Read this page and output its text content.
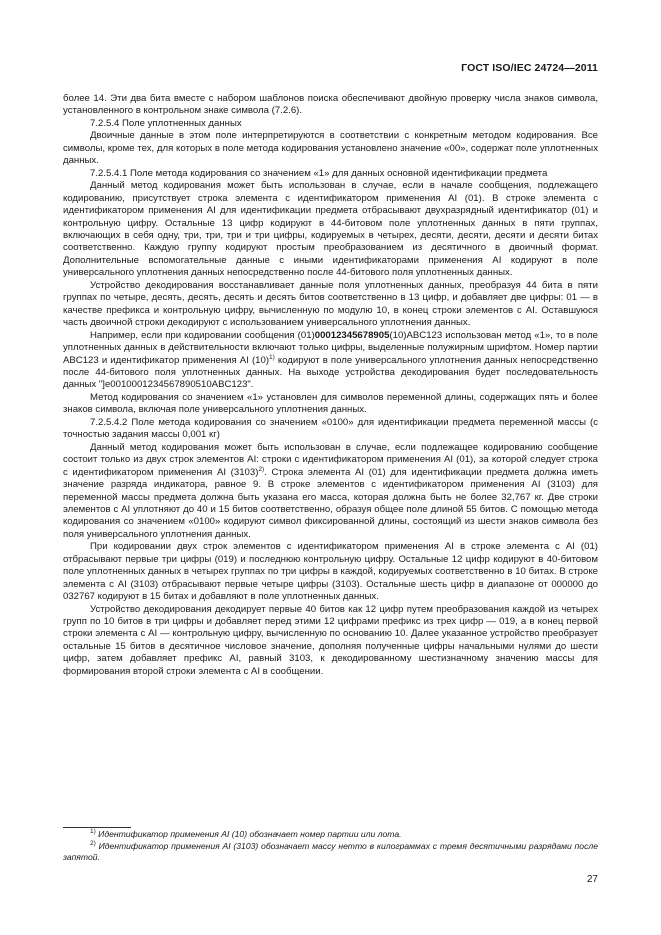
ГОСТ ISO/IEC 24724—2011

более 14. Эти два бита вместе с набором шаблонов поиска обеспечивают двойную проверку числа знаков символа, установленного в контрольном знаке символа (7.2.6).

7.2.5.4 Поле уплотненных данных

Двоичные данные в этом поле интерпретируются в соответствии с конкретным методом кодирования. Все символы, кроме тех, для которых в поле метода кодирования установлено значение «00», содержат поле уплотненных данных.

7.2.5.4.1 Поле метода кодирования со значением «1» для данных основной идентификации предмета

Данный метод кодирования может быть использован в случае, если в начале сообщения, подлежащего кодированию, присутствует строка элемента с идентификатором применения AI (01). В строке элемента с идентификатором применения AI для идентификации предмета отбрасывают двухразрядный идентификатор (01) и контрольную цифру. Остальные 13 цифр кодируют в 44-битовом поле уплотненных данных в пяти группах, включающих в себя одну, три, три, три и три цифры, кодируемых в четырех, десяти, десяти, десяти и десяти битах соответственно. Каждую группу кодируют простым преобразованием из десятичного в двоичный формат. Дополнительные вспомогательные данные с иными идентификаторами применения AI кодируют в поле универсального уплотнения данных непосредственно после 44-битового поля уплотненных данных.

Устройство декодирования восстанавливает данные поля уплотненных данных, преобразуя 44 бита в пяти группах по четыре, десять, десять, десять и десять битов соответственно в 13 цифр, и добавляет две цифры: 01 — в качестве префикса и контрольную цифру, вычисленную по модулю 10, в конец строки элементов с AI. Оставшуюся часть двоичной строки декодируют с использованием универсального уплотнения данных.

Например, если при кодировании сообщения (01)00012345678905(10)ABC123 использован метод «1», то в поле уплотненных данных в действительности включают только цифры, выделенные полужирным шрифтом. Номер партии ABC123 и идентификатор применения AI $(10)^{1)}$ кодируют в поле универсального уплотнения данных непосредственно после 44-битового поля уплотненных данных. На выходе устройства декодирования будет последовательность данных "]e0010001234567890510ABC123".

Метод кодирования со значением «1» установлен для символов переменной длины, содержащих пять и более знаков символа, включая поле универсального уплотнения данных.

7.2.5.4.2 Поле метода кодирования со значением «0100» для идентификации предмета переменной массы (с точностью задания массы 0,001 кг)

Данный метод кодирования может быть использован в случае, если подлежащее кодированию сообщение состоит только из двух строк элементов AI: строки с идентификатором применения AI (01), за которой следует строка с идентификатором применения AI $(3103)^{2)}$. Строка элемента AI (01) для идентификации предмета должна иметь значение разряда индикатора, равное 9. В строке элементов с идентификатором применения AI (3103) для переменной массы предмета должна быть указана его масса, которая должна быть не более 32,767 кг. Две строки элементов с AI уплотняют до 40 и 15 битов соответственно, образуя общее поле длиной 55 битов. С помощью метода кодирования со значением «0100» кодируют символ фиксированной длины, состоящий из шести знаков символа без поля универсального уплотнения данных.

При кодировании двух строк элементов с идентификатором применения AI в строке элемента с AI (01) отбрасывают первые три цифры (019) и последнюю контрольную цифру. Остальные 12 цифр кодируют в 40-битовом поле уплотненных данных в четырех группах по три цифры в каждой, кодируемых соответственно в 10 битах. В строке элемента с AI (3103) отбрасывают первые четыре цифры (3103). Остальные шесть цифр в диапазоне от 000000 до 032767 кодируют в 15 битах и добавляют в поле уплотненных данных.

Устройство декодирования декодирует первые 40 битов как 12 цифр путем преобразования каждой из четырех групп по 10 битов в три цифры и добавляет перед этими 12 цифрами префикс из трех цифр — 019, а в конец первой строки элемента с AI — контрольную цифру, вычисленную по основанию 10. Далее указанное устройство преобразует остальные 15 битов в десятичное числовое значение, дополняя полученные цифры начальными нулями до шести цифр, затем добавляет префикс AI, равный 3103, к декодированному шестизначному значению массы для формирования второй строки элемента с AI в сообщении.

$^{1)}$ Идентификатор применения AI (10) обозначает номер партии или лота.

$^{2)}$ Идентификатор применения AI (3103) обозначает массу нетто в килограммах с тремя десятичными разрядами после запятой.

27
